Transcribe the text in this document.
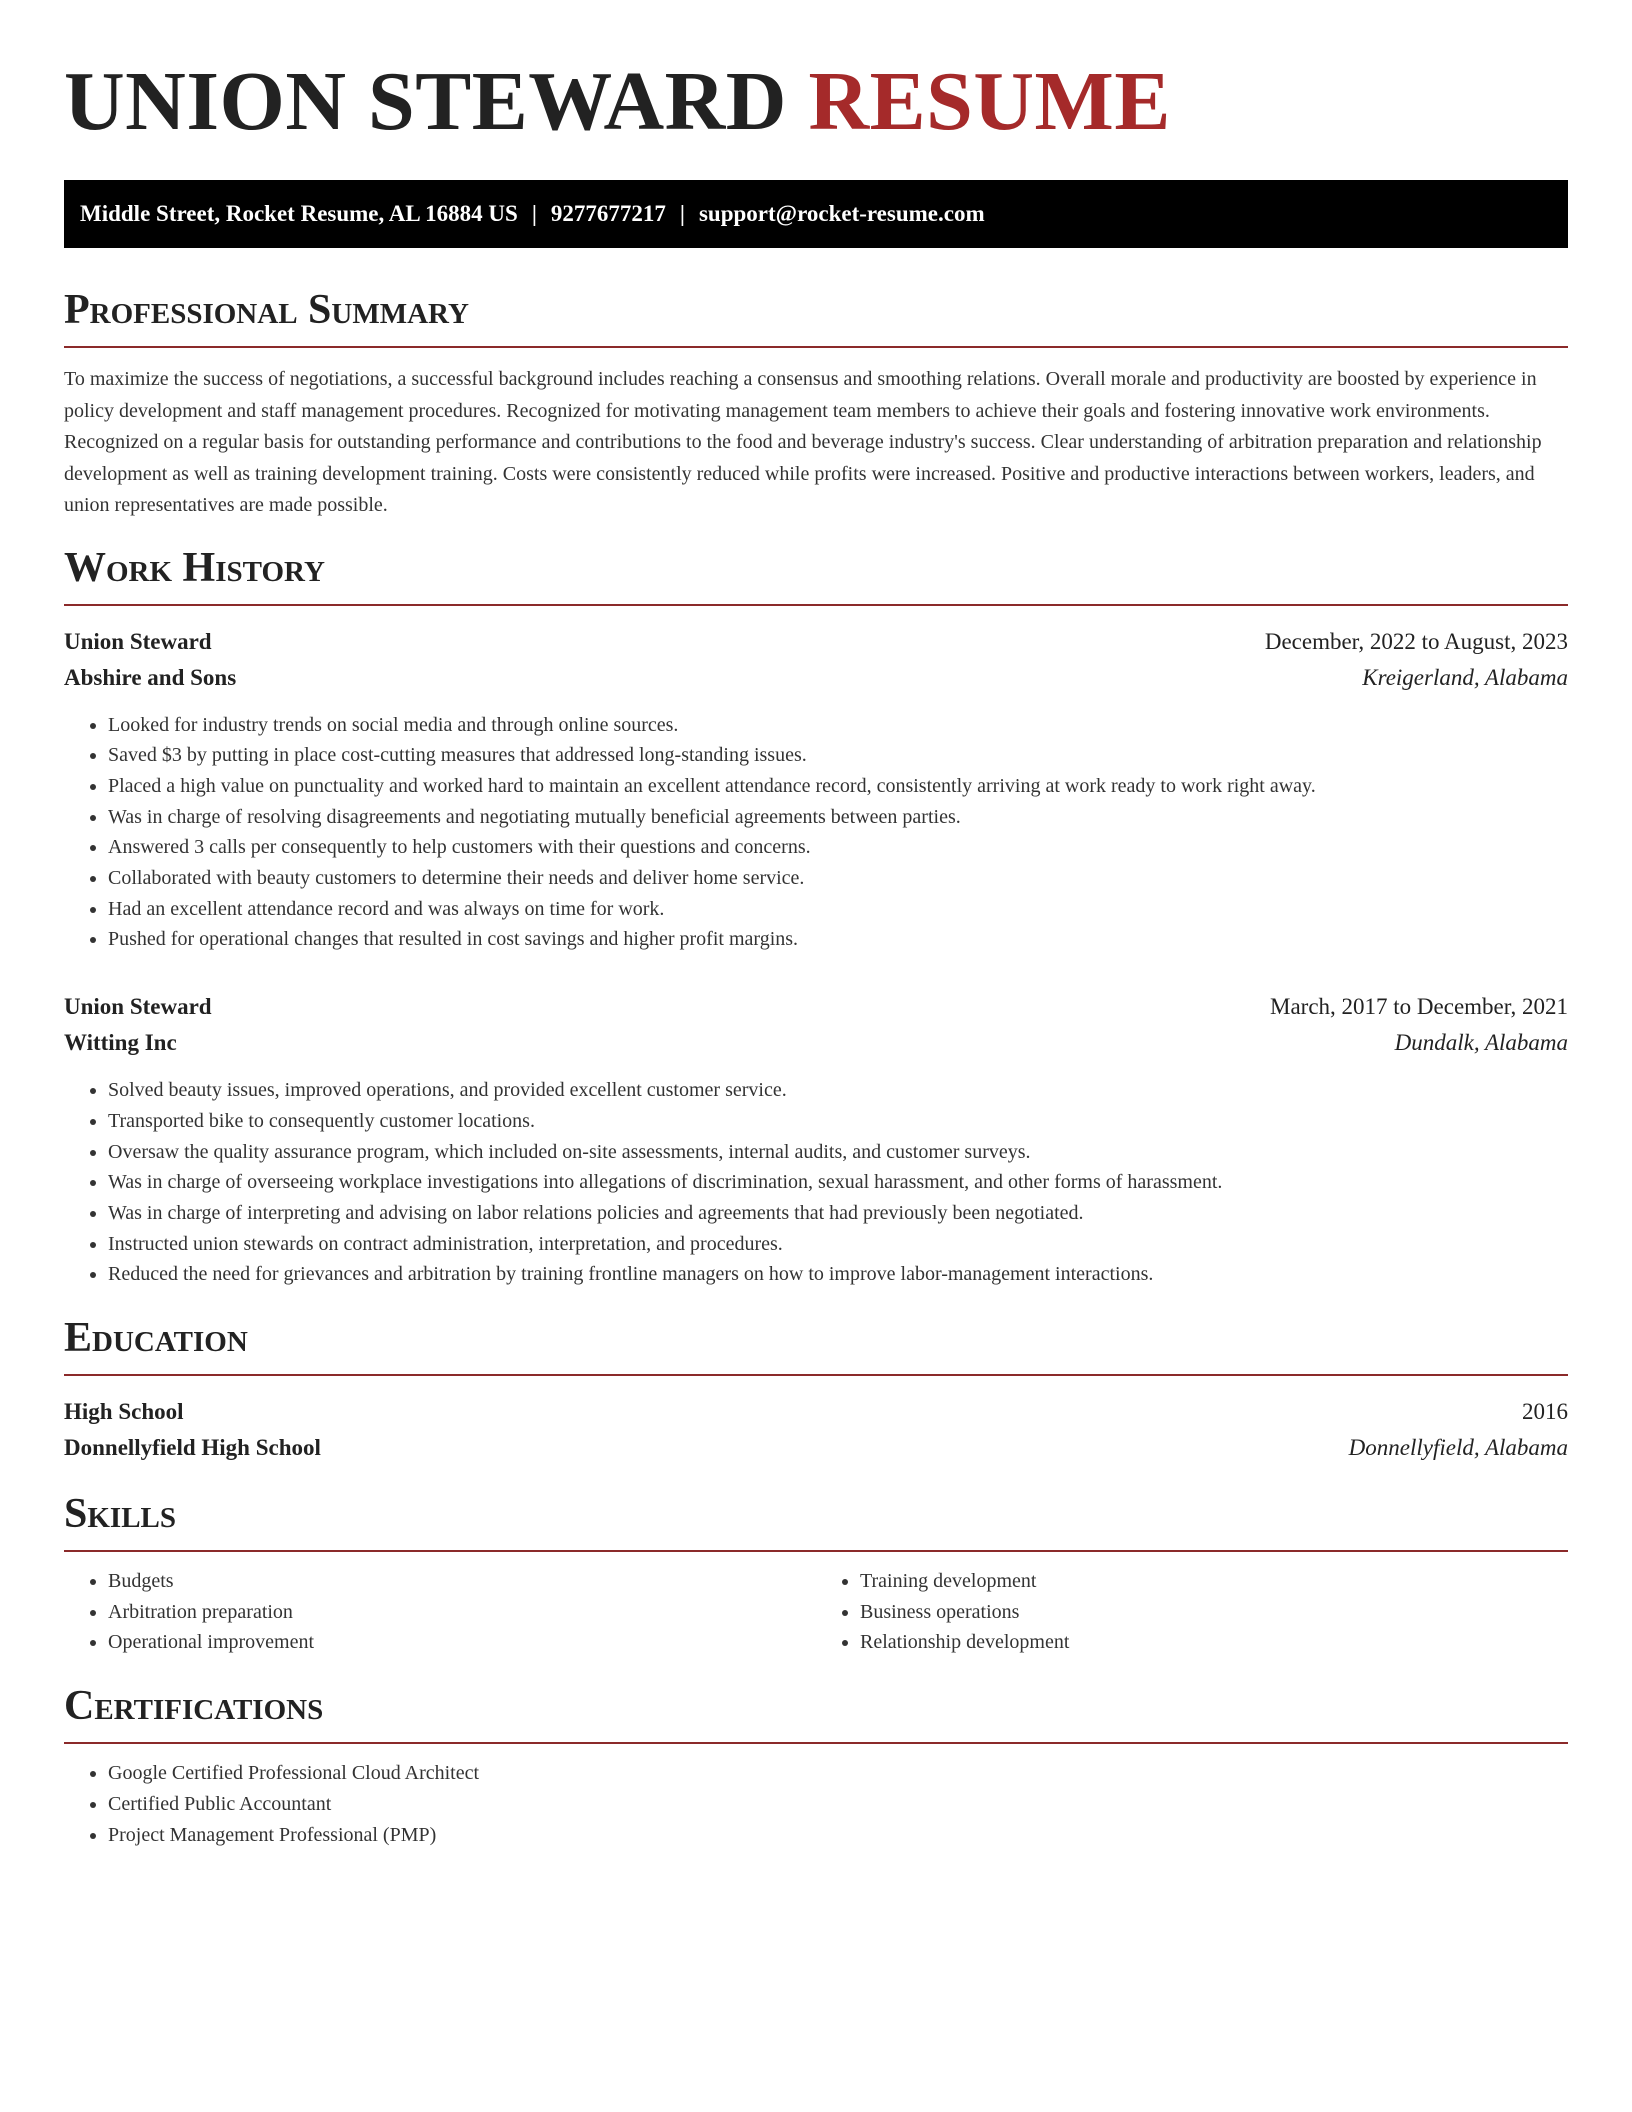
UNION STEWARD RESUME
Middle Street, Rocket Resume, AL 16884 US | 9277677217 | support@rocket-resume.com
Professional Summary

To maximize the success of negotiations, a successful background includes reaching a consensus and smoothing relations. Overall morale and productivity are boosted by experience in policy development and staff management procedures. Recognized for motivating management team members to achieve their goals and fostering innovative work environments. Recognized on a regular basis for outstanding performance and contributions to the food and beverage industry's success. Clear understanding of arbitration preparation and relationship development as well as training development training. Costs were consistently reduced while profits were increased. Positive and productive interactions between workers, leaders, and union representatives are made possible.

Work History
Union Steward	December, 2022 to August, 2023
Abshire and Sons	Kreigerland, Alabama
• Looked for industry trends on social media and through online sources.
• Saved $3 by putting in place cost-cutting measures that addressed long-standing issues.
• Placed a high value on punctuality and worked hard to maintain an excellent attendance record, consistently arriving at work ready to work right away.
• Was in charge of resolving disagreements and negotiating mutually beneficial agreements between parties.
• Answered 3 calls per consequently to help customers with their questions and concerns.
• Collaborated with beauty customers to determine their needs and deliver home service.
• Had an excellent attendance record and was always on time for work.
• Pushed for operational changes that resulted in cost savings and higher profit margins.
Union Steward	March, 2017 to December, 2021
Witting Inc	Dundalk, Alabama
• Solved beauty issues, improved operations, and provided excellent customer service.
• Transported bike to consequently customer locations.
• Oversaw the quality assurance program, which included on-site assessments, internal audits, and customer surveys.
• Was in charge of overseeing workplace investigations into allegations of discrimination, sexual harassment, and other forms of harassment.
• Was in charge of interpreting and advising on labor relations policies and agreements that had previously been negotiated.
• Instructed union stewards on contract administration, interpretation, and procedures.
• Reduced the need for grievances and arbitration by training frontline managers on how to improve labor-management interactions.
Education
High School	2016
Donnellyfield High School	Donnellyfield, Alabama
Skills
• Budgets
• Arbitration preparation
• Operational improvement
• Training development
• Business operations
• Relationship development
Certifications
• Google Certified Professional Cloud Architect
• Certified Public Accountant
• Project Management Professional (PMP)
